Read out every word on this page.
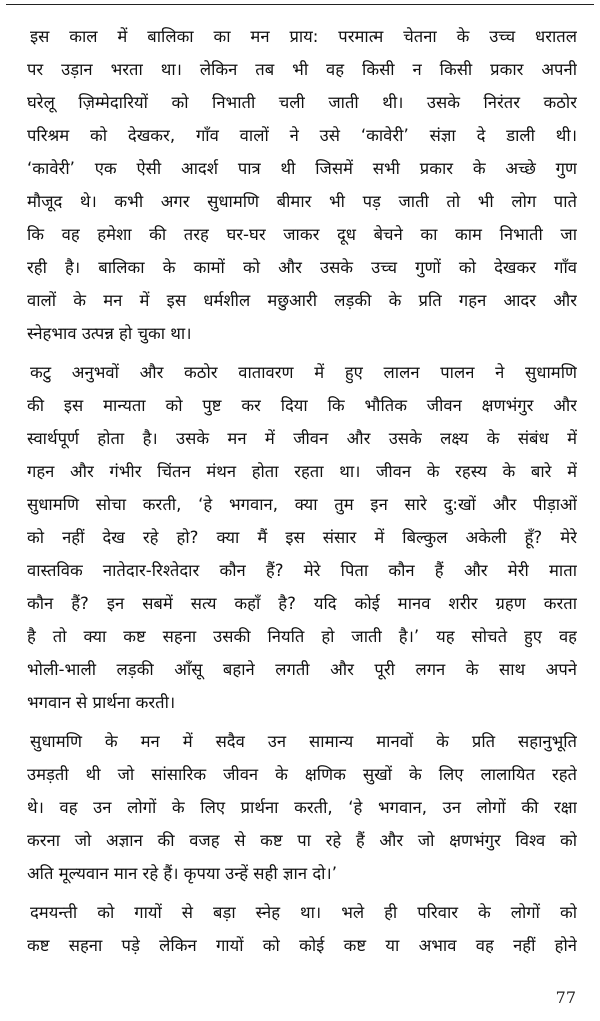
इस काल में बालिका का मन प्राय: परमात्म चेतना के उच्च धरातल
पर उड़ान भरता था। लेकिन तब भी वह किसी न किसी प्रकार अपनी
घरेलू ज़िम्मेदारियों को निभाती चली जाती थी। उसके निरंतर कठोर
परिश्रम को देखकर, गाँव वालों ने उसे ‘कावेरी’ संज्ञा दे डाली थी।
‘कावेरी’ एक ऐसी आदर्श पात्र थी जिसमें सभी प्रकार के अच्छे गुण
मौजूद थे। कभी अगर सुधामणि बीमार भी पड़ जाती तो भी लोग पाते
कि वह हमेशा की तरह घर-घर जाकर दूध बेचने का काम निभाती जा
रही है। बालिका के कामों को और उसके उच्च गुणों को देखकर गाँव
वालों के मन में इस धर्मशील मछुआरी लड़की के प्रति गहन आदर और
स्नेहभाव उत्पन्न हो चुका था।
कटु अनुभवों और कठोर वातावरण में हुए लालन पालन ने सुधामणि
की इस मान्यता को पुष्ट कर दिया कि भौतिक जीवन क्षणभंगुर और
स्वार्थपूर्ण होता है। उसके मन में जीवन और उसके लक्ष्य के संबंध में
गहन और गंभीर चिंतन मंथन होता रहता था। जीवन के रहस्य के बारे में
सुधामणि सोचा करती, ‘हे भगवान, क्या तुम इन सारे दु:खों और पीड़ाओं
को नहीं देख रहे हो? क्या मैं इस संसार में बिल्कुल अकेली हूँ? मेरे
वास्तविक नातेदार-रिश्तेदार कौन हैं? मेरे पिता कौन हैं और मेरी माता
कौन हैं? इन सबमें सत्य कहाँ है? यदि कोई मानव शरीर ग्रहण करता
है तो क्या कष्ट सहना उसकी नियति हो जाती है।’ यह सोचते हुए वह
भोली-भाली लड़की आँसू बहाने लगती और पूरी लगन के साथ अपने
भगवान से प्रार्थना करती।
सुधामणि के मन में सदैव उन सामान्य मानवों के प्रति सहानुभूति
उमड़ती थी जो सांसारिक जीवन के क्षणिक सुखों के लिए लालायित रहते
थे। वह उन लोगों के लिए प्रार्थना करती, ‘हे भगवान, उन लोगों की रक्षा
करना जो अज्ञान की वजह से कष्ट पा रहे हैं और जो क्षणभंगुर विश्व को
अति मूल्यवान मान रहे हैं। कृपया उन्हें सही ज्ञान दो।’
दमयन्ती को गायों से बड़ा स्नेह था। भले ही परिवार के लोगों को
कष्ट सहना पड़े लेकिन गायों को कोई कष्ट या अभाव वह नहीं होने
77
